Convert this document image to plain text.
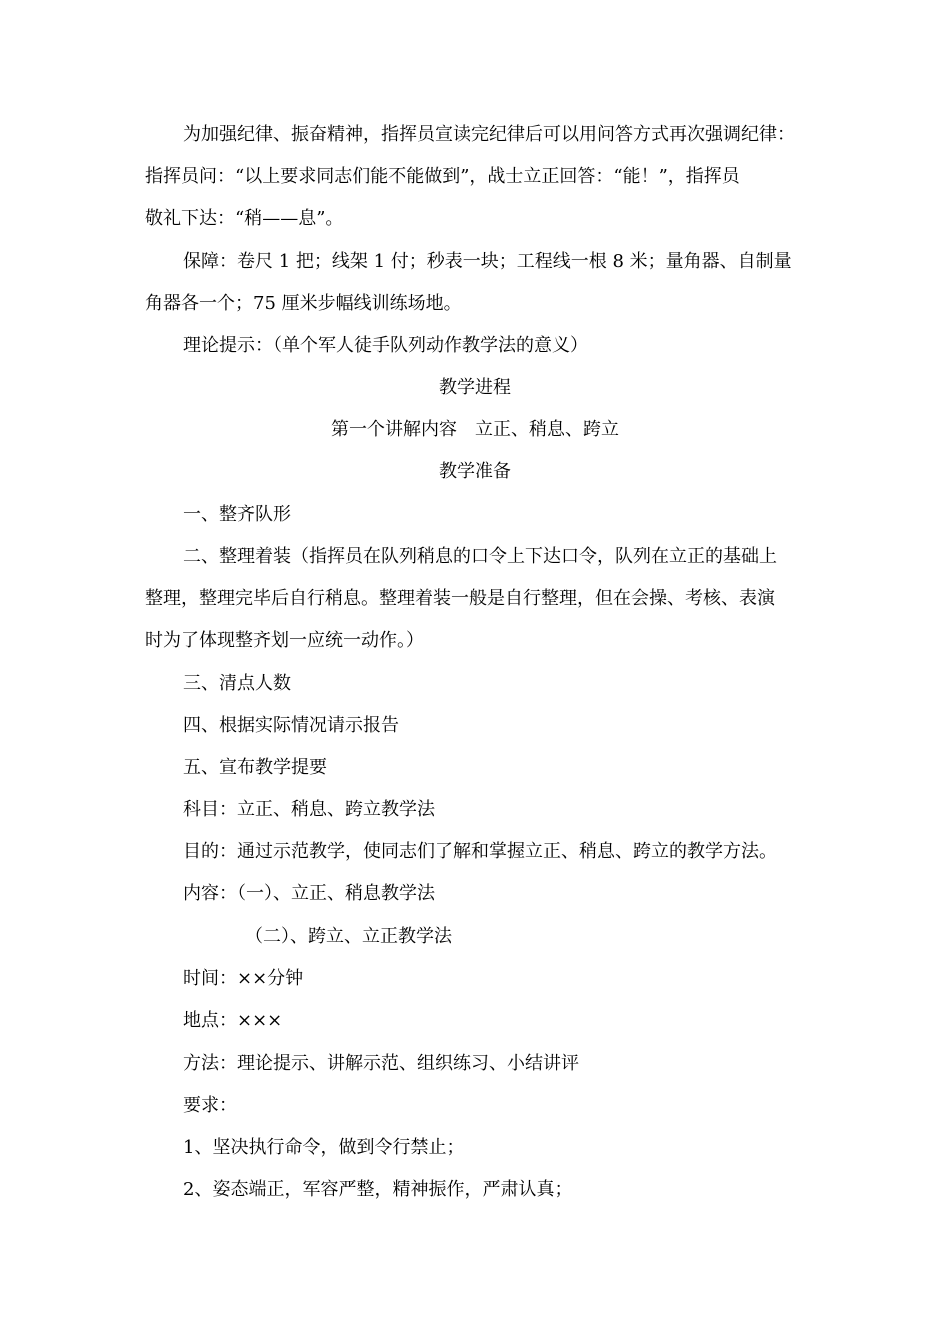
为加强纪律、振奋精神，指挥员宣读完纪律后可以用问答方式再次强调纪律：
指挥员问：“以上要求同志们能不能做到”，战士立正回答：“能！”，指挥员
敬礼下达：“稍——息”。
保障：卷尺 1 把；线架 1 付；秒表一块；工程线一根 8 米；量角器、自制量
角器各一个；75 厘米步幅线训练场地。
理论提示：（单个军人徒手队列动作教学法的意义）
教学进程
第一个讲解内容　立正、稍息、跨立
教学准备
一、整齐队形
二、整理着装（指挥员在队列稍息的口令上下达口令，队列在立正的基础上
整理，整理完毕后自行稍息。整理着装一般是自行整理，但在会操、考核、表演
时为了体现整齐划一应统一动作。）
三、清点人数
四、根据实际情况请示报告
五、宣布教学提要
科目：立正、稍息、跨立教学法
目的：通过示范教学，使同志们了解和掌握立正、稍息、跨立的教学方法。
内容：（一）、立正、稍息教学法
（二）、跨立、立正教学法
时间：××分钟
地点：×××
方法：理论提示、讲解示范、组织练习、小结讲评
要求：
1、坚决执行命令，做到令行禁止；
2、姿态端正，军容严整，精神振作，严肃认真；
